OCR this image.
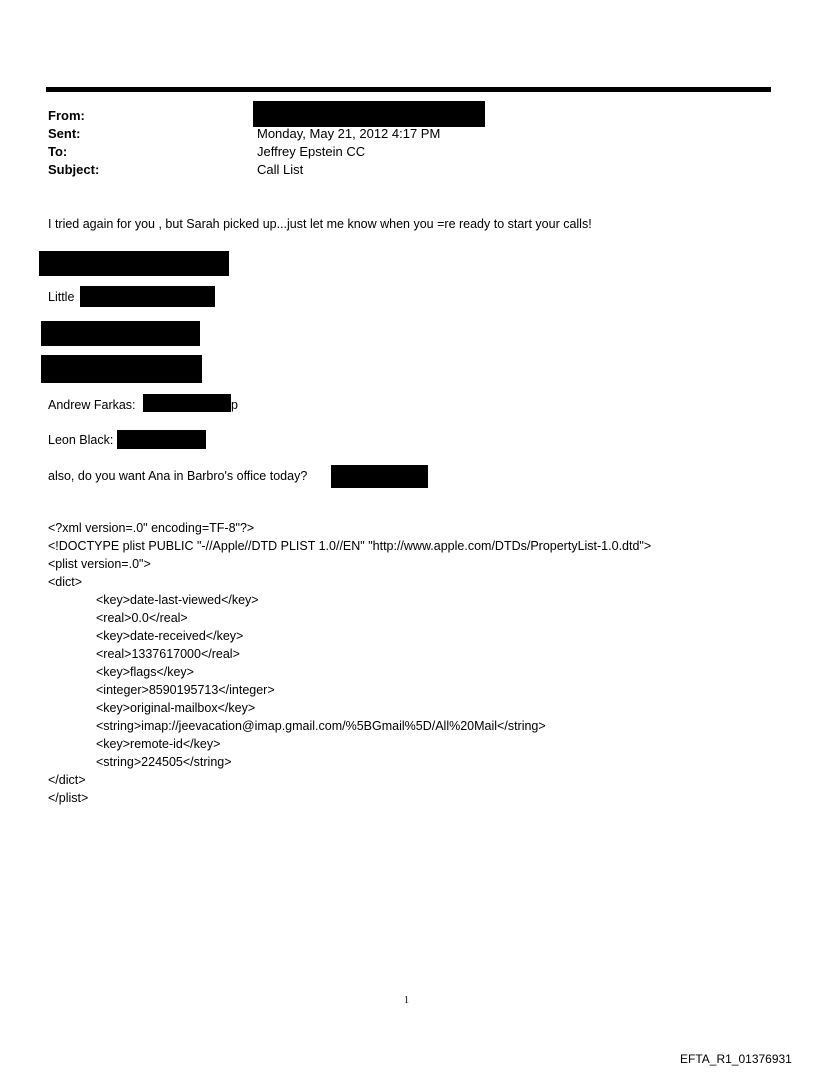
From:
Sent:
To:
Subject:
Monday, May 21, 2012 4:17 PM
Jeffrey Epstein CC
Call List
I tried again for you , but Sarah picked up...just let me know when you =re ready to start your calls!
Little
Andrew Farkas:	p
Leon Black:
also, do you want Ana in Barbro's office today?
<?xml version=.0" encoding=TF-8"?>
<!DOCTYPE plist PUBLIC "-//Apple//DTD PLIST 1.0//EN" "http://www.apple.com/DTDs/PropertyList-1.0.dtd">
<plist version=.0">
<dict>
<key>date-last-viewed</key>
<real>0.0</real>
<key>date-received</key>
<real>1337617000</real>
<key>flags</key>
<integer>8590195713</integer>
<key>original-mailbox</key>
<string>imap://jeevacation@imap.gmail.com/%5BGmail%5D/All%20Mail</string>
<key>remote-id</key>
<string>224505</string>
</dict>
</plist>
1
EFTA_R1_01376931
